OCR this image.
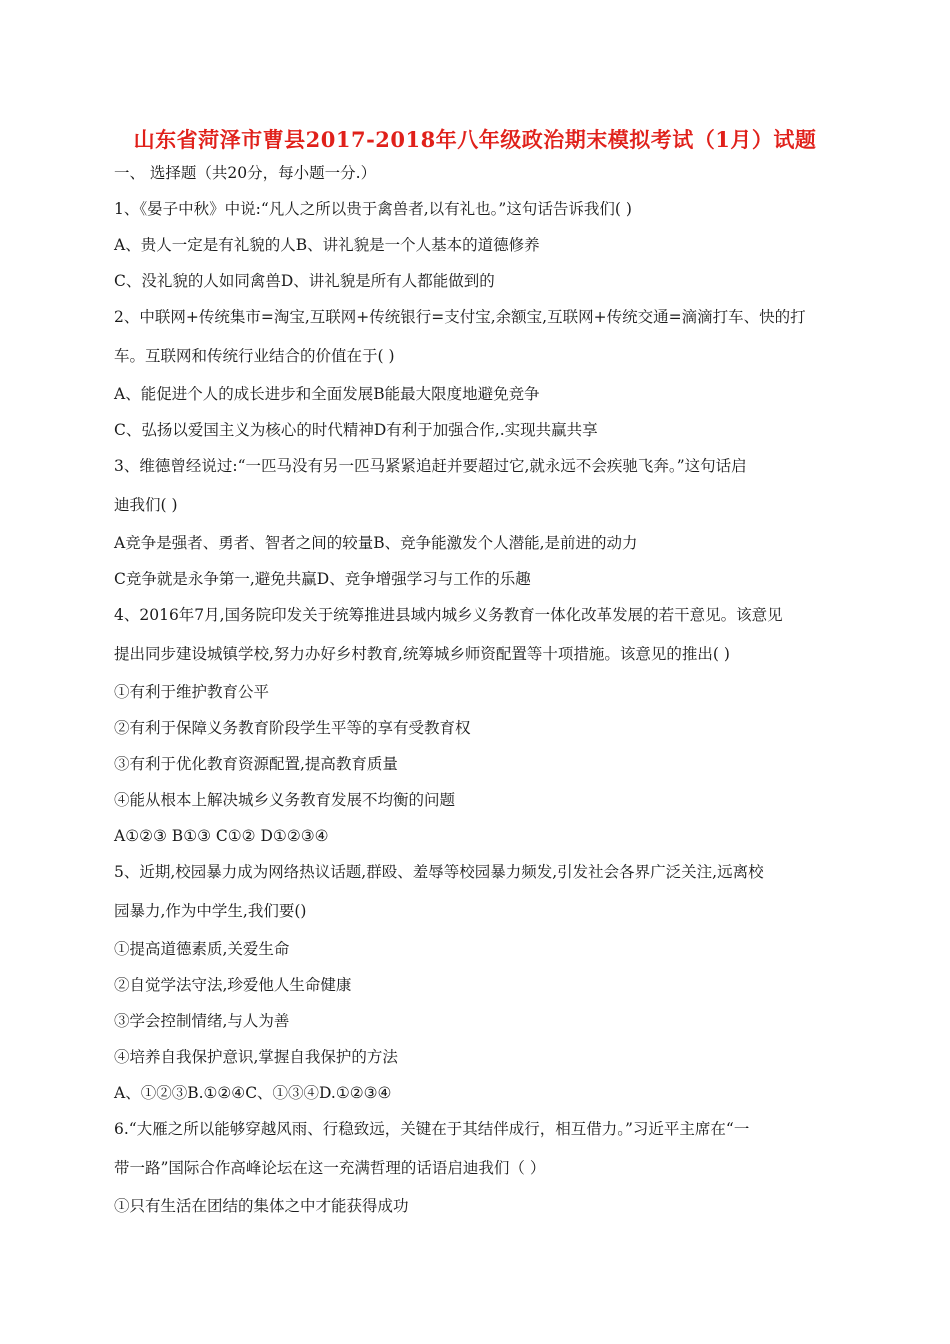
山东省菏泽市曹县2017-2018年八年级政治期末模拟考试（1月）试题
一、 选择题（共20分，每小题一分.）
1、《晏子中秋》中说:“凡人之所以贵于禽兽者,以有礼也。”这句话告诉我们( )
A、贵人一定是有礼貌的人B、讲礼貌是一个人基本的道德修养
C、没礼貌的人如同禽兽D、讲礼貌是所有人都能做到的
2、中联网+传统集市=淘宝,互联网+传统银行=支付宝,余额宝,互联网+传统交通=滴滴打车、快的打
车。互联网和传统行业结合的价值在于( )
A、能促进个人的成长进步和全面发展B能最大限度地避免竞争
C、弘扬以爱国主义为核心的时代精神D有利于加强合作,.实现共赢共享
3、维德曾经说过:“一匹马没有另一匹马紧紧追赶并要超过它,就永远不会疾驰飞奔。”这句话启
迪我们( )
A竞争是强者、勇者、智者之间的较量B、竞争能激发个人潜能,是前进的动力
C竞争就是永争第一,避免共赢D、竞争增强学习与工作的乐趣
4、2016年7月,国务院印发关于统筹推进县域内城乡义务教育一体化改革发展的若干意见。该意见
提出同步建设城镇学校,努力办好乡村教育,统筹城乡师资配置等十项措施。该意见的推出( )
①有利于维护教育公平
②有利于保障义务教育阶段学生平等的享有受教育权
③有利于优化教育资源配置,提高教育质量
④能从根本上解决城乡义务教育发展不均衡的问题
A①②③ B①③ C①② D①②③④
5、近期,校园暴力成为网络热议话题,群殴、羞辱等校园暴力频发,引发社会各界广泛关注,远离校
园暴力,作为中学生,我们要()
①提高道德素质,关爱生命
②自觉学法守法,珍爱他人生命健康
③学会控制情绪,与人为善
④培养自我保护意识,掌握自我保护的方法
A、①②③B.①②④C、①③④D.①②③④
6.“大雁之所以能够穿越风雨、行稳致远，关键在于其结伴成行，相互借力。”习近平主席在“一
带一路”国际合作高峰论坛在这一充满哲理的话语启迪我们（ ）
①只有生活在团结的集体之中才能获得成功
